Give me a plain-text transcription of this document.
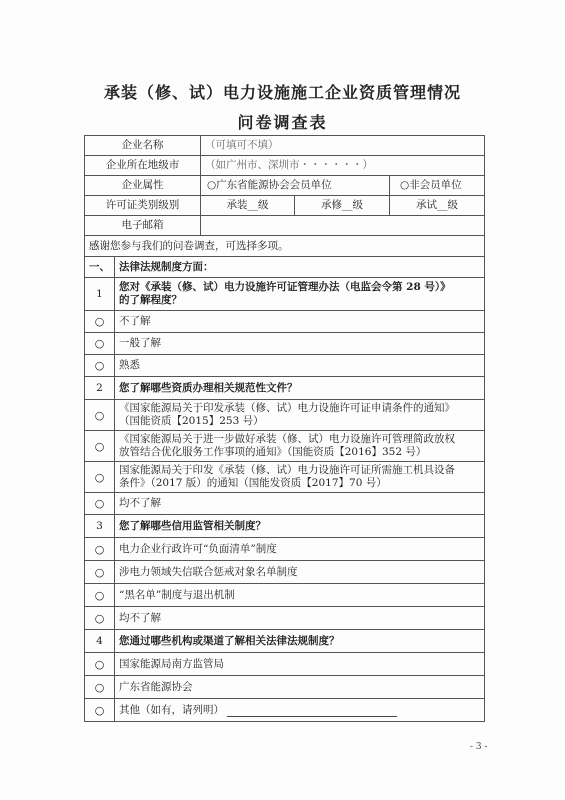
承装（修、试）电力设施施工企业资质管理情况
问卷调查表
企业名称		（可填可不填）		
企业所在地级市		（如广州市、深圳市・・・・・・）		
企业属性		○广东省能源协会会员单位		○非会员单位
许可证类别级别		承装__级	承修__级	承试__级
电子邮箱				
感谢您参与我们的问卷调查，可选择多项。				
一、	法律法规制度方面：			
1	您对《承装（修、试）电力设施许可证管理办法（电监会令第 28 号）》
的了解程度？			

○	不了解			
○	一般了解			
○	熟悉			
2	您了解哪些资质办理相关规范性文件？			
○	《国家能源局关于印发承装（修、试）电力设施许可证申请条件的通知》
（国能资质【2015】253 号）			

○	《国家能源局关于进一步做好承装（修、试）电力设施许可管理简政放权
放管结合优化服务工作事项的通知》（国能资质【2016】352 号）			

○	国家能源局关于印发《承装（修、试）电力设施许可证所需施工机具设备
条件》（2017 版）的通知（国能发资质【2017】70 号）			

○	均不了解			
3	您了解哪些信用监管相关制度？			
○	电力企业行政许可“负面清单”制度			
○	涉电力领域失信联合惩戒对象名单制度			
○	“黑名单”制度与退出机制			
○	均不了解			
4	您通过哪些机构或渠道了解相关法律法规制度？			
○	国家能源局南方监管局			
○	广东省能源协会			
○	其他（如有，请列明）			
- 3 -
